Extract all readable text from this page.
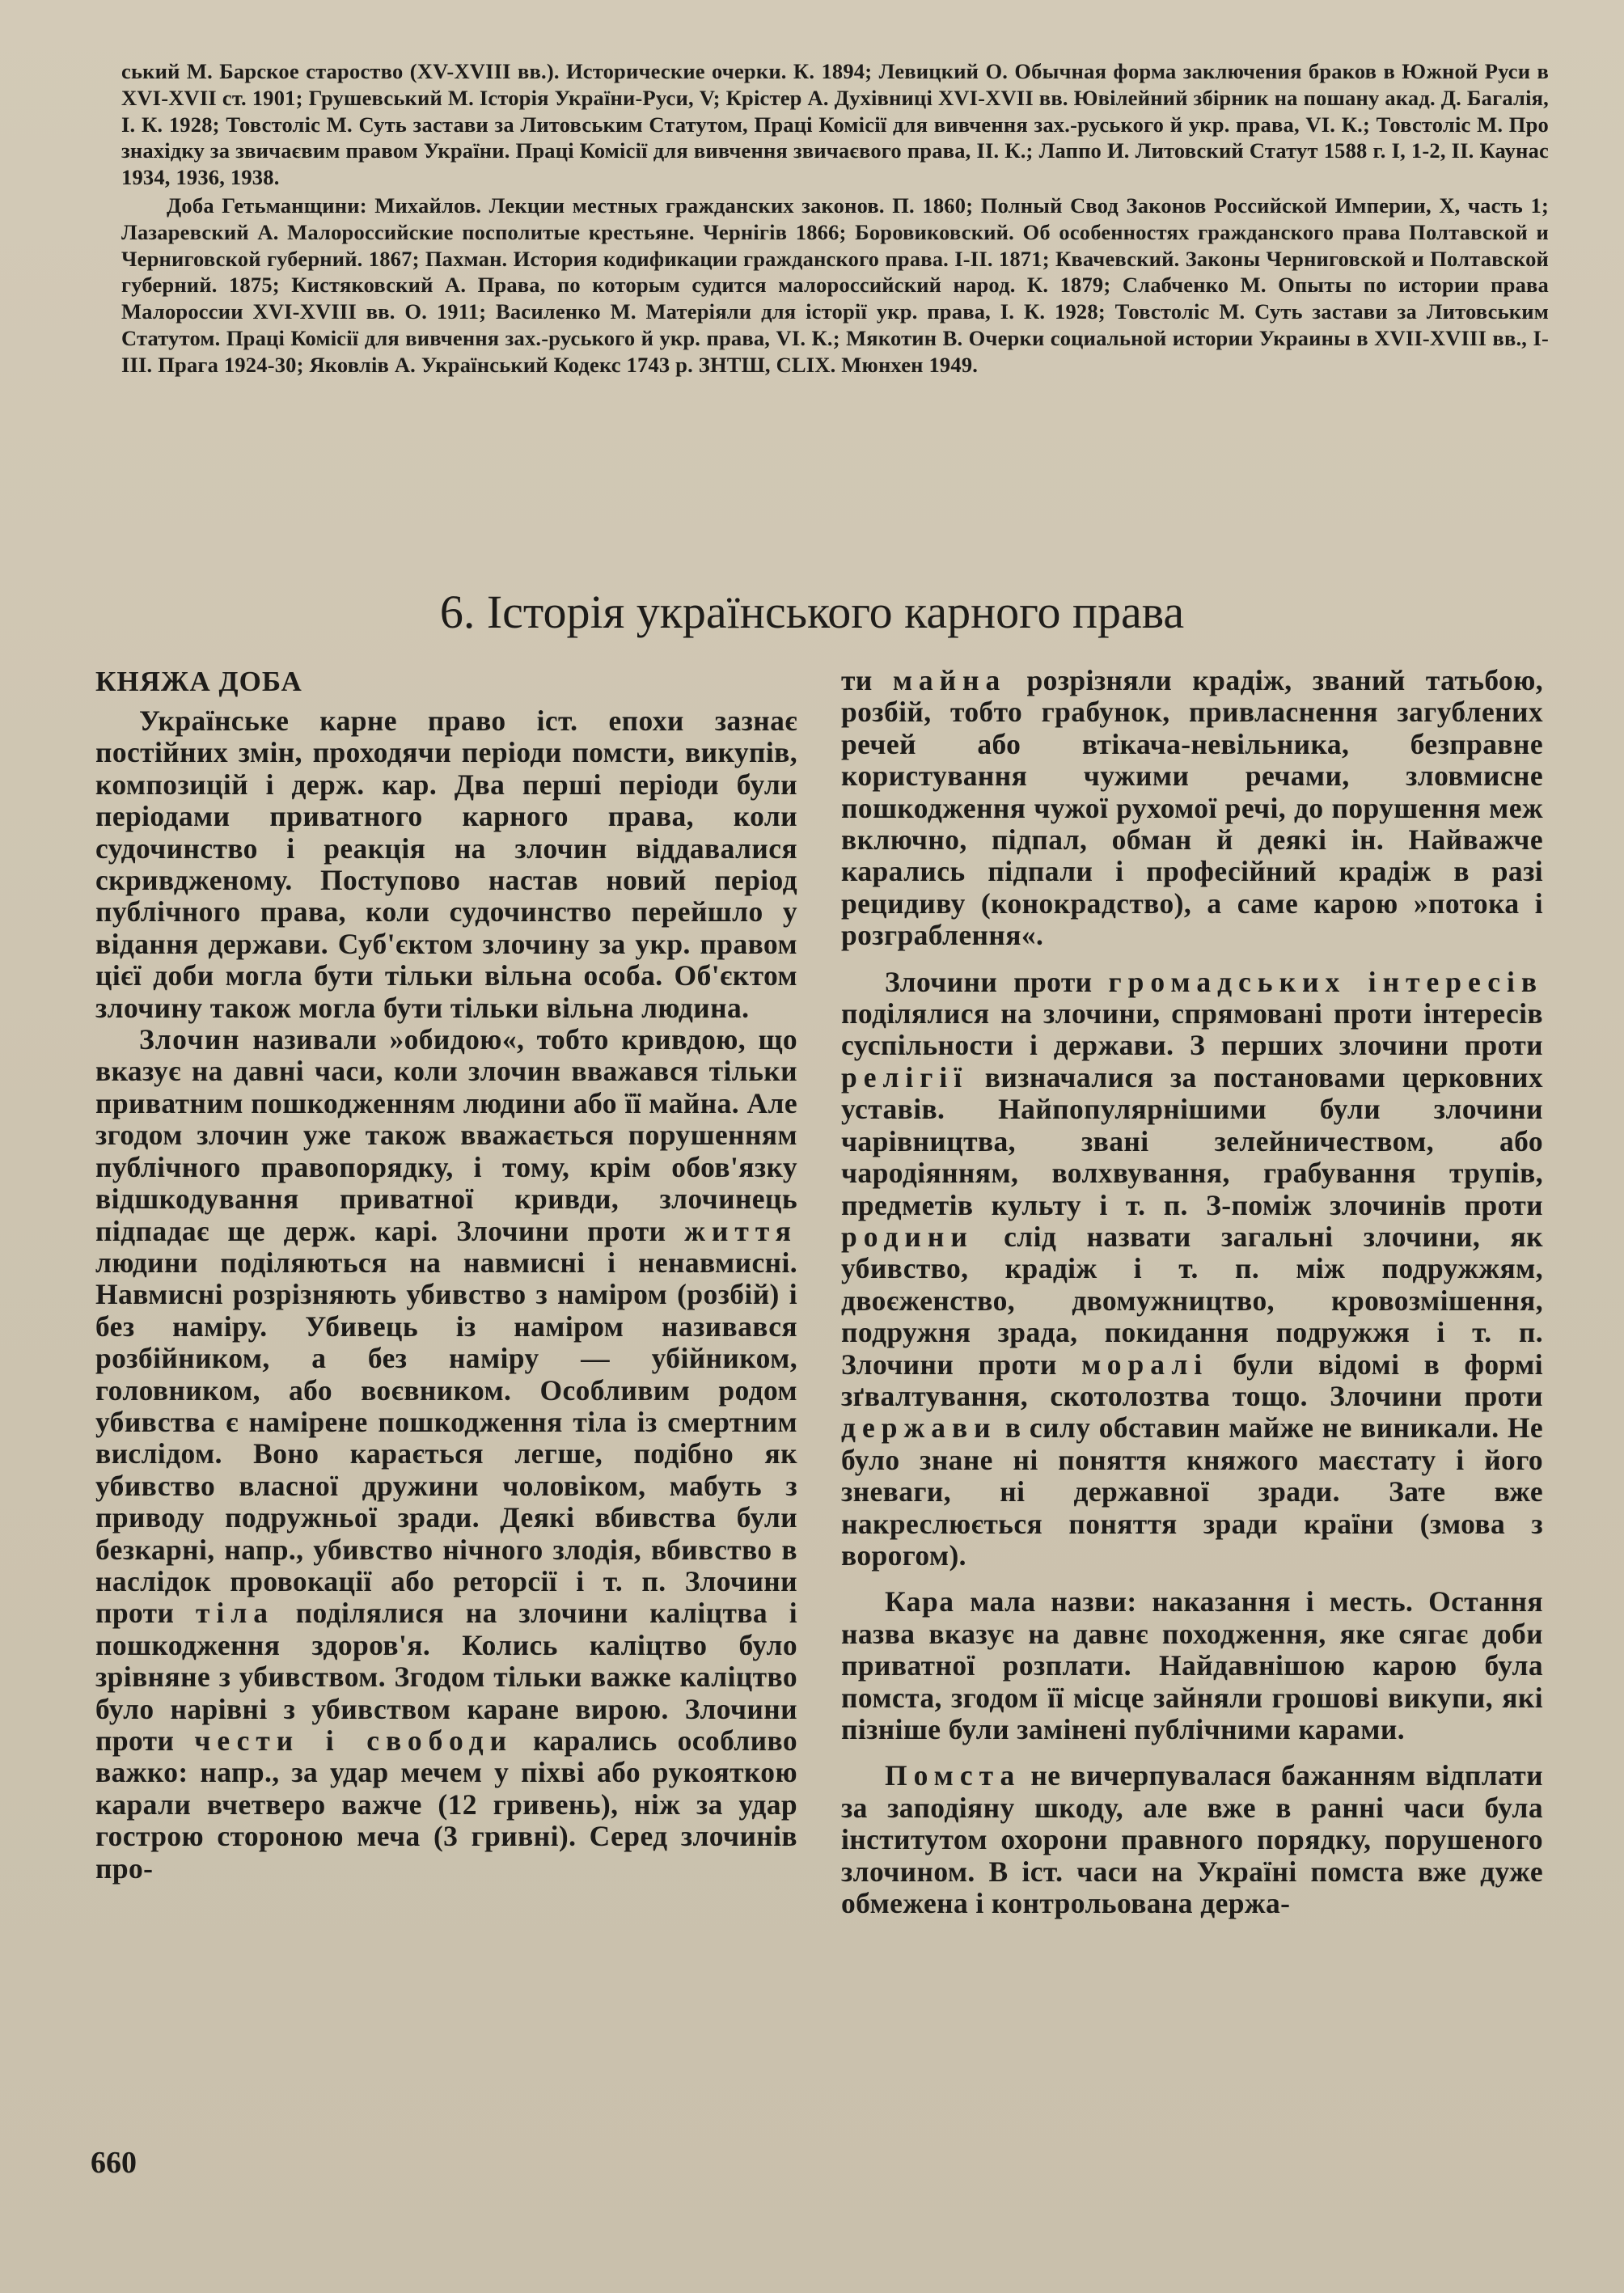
ський М. Барское староство (XV-XVIII вв.). Исторические очерки. К. 1894; Левицкий О. Обычная форма заключения браков в Южной Руси в XVI-XVII ст. 1901; Грушевський М. Історія України-Руси, V; Крістер А. Духівниці XVI-XVII вв. Ювілейний збірник на пошану акад. Д. Багалія, І. К. 1928; Товстоліс М. Суть застави за Литовським Статутом, Праці Комісії для вивчення зах.-руського й укр. права, VI. К.; Товстоліс М. Про знахідку за звичаєвим правом України. Праці Комісії для вивчення звичаєвого права, II. К.; Лаппо И. Литовский Статут 1588 г. І, 1-2, II. Каунас 1934, 1936, 1938.

Доба Гетьманщини: Михайлов. Лекции местных гражданских законов. П. 1860; Полный Свод Законов Российской Империи, X, часть 1; Лазаревский А. Малороссийские посполитые крестьяне. Чернігів 1866; Боровиковский. Об особенностях гражданского права Полтавской и Черниговской губерний. 1867; Пахман. История кодификации гражданского права. I-II. 1871; Квачевский. Законы Черниговской и Полтавской губерний. 1875; Кистяковский А. Права, по которым судится малороссийский народ. К. 1879; Слабченко М. Опыты по истории права Малороссии XVI-XVIII вв. О. 1911; Василенко М. Матеріяли для історії укр. права, І. К. 1928; Товстоліс М. Суть застави за Литовським Статутом. Праці Комісії для вивчення зах.-руського й укр. права, VI. К.; Мякотин В. Очерки социальной истории Украины в XVII-XVIII вв., I-III. Прага 1924-30; Яковлів А. Український Кодекс 1743 р. ЗНТШ, CLIX. Мюнхен 1949.

6. Історія українського карного права
КНЯЖА ДОБА

Українське карне право іст. епохи зазнає постійних змін, проходячи періоди помсти, викупів, композицій і держ. кар. Два перші періоди були періодами приватного карного права, коли судочинство і реакція на злочин віддавалися скривдженому. Поступово настав новий період публічного права, коли судочинство перейшло у відання держави. Суб'єктом злочину за укр. правом цієї доби могла бути тільки вільна особа. Об'єктом злочину також могла бути тільки вільна людина.

Злочин називали »обидою«, тобто кривдою, що вказує на давні часи, коли злочин вважався тільки приватним пошкодженням людини або її майна. Але згодом злочин уже також вважається порушенням публічного правопорядку, і тому, крім обов'язку відшкодування приватної кривди, злочинець підпадає ще держ. карі. Злочини проти життя людини поділяються на навмисні і ненавмисні. Навмисні розрізняють убивство з наміром (розбій) і без наміру. Убивець із наміром називався розбійником, а без наміру — убійником, головником, або воєвником. Особливим родом убивства є намірене пошкодження тіла із смертним вислідом. Воно карається легше, подібно як убивство власної дружини чоловіком, мабуть з приводу подружньої зради. Деякі вбивства були безкарні, напр., убивство нічного злодія, вбивство в наслідок провокації або реторсії і т. п. Злочини проти тіла поділялися на злочини каліцтва і пошкодження здоров'я. Колись каліцтво було зрівняне з убивством. Згодом тільки важке каліцтво було нарівні з убивством каране вирою. Злочини проти чести і свободи карались особливо важко: напр., за удар мечем у піхві або рукояткою карали вчетверо важче (12 гривень), ніж за удар гострою стороною меча (3 гривні). Серед злочинів про-

ти майна розрізняли крадіж, званий татьбою, розбій, тобто грабунок, привласнення загублених речей або втікача-невільника, безправне користування чужими речами, зловмисне пошкодження чужої рухомої речі, до порушення меж включно, підпал, обман й деякі ін. Найважче карались підпали і професійний крадіж в разі рецидиву (конокрадство), а саме карою »потока і розграблення«.

Злочини проти громадських інтересів поділялися на злочини, спрямовані проти інтересів суспільности і держави. З перших злочини проти релігії визначалися за постановами церковних уставів. Найпопулярнішими були злочини чарівництва, звані зелейничеством, або чародіянням, волхвування, грабування трупів, предметів культу і т. п. З-поміж злочинів проти родини слід назвати загальні злочини, як убивство, крадіж і т. п. між подружжям, двоєженство, двомужництво, кровозмішення, подружня зрада, покидання подружжя і т. п. Злочини проти моралі були відомі в формі зґвалтування, скотолозтва тощо. Злочини проти держави в силу обставин майже не виникали. Не було знане ні поняття княжого маєстату і його зневаги, ні державної зради. Зате вже накреслюється поняття зради країни (змова з ворогом).

Кара мала назви: наказання і месть. Остання назва вказує на давнє походження, яке сягає доби приватної розплати. Найдавнішою карою була помста, згодом її місце зайняли грошові викупи, які пізніше були замінені публічними карами.

Помста не вичерпувалася бажанням відплати за заподіяну шкоду, але вже в ранні часи була інститутом охорони правного порядку, порушеного злочином. В іст. часи на Україні помста вже дуже обмежена і контрольована держа-

660
